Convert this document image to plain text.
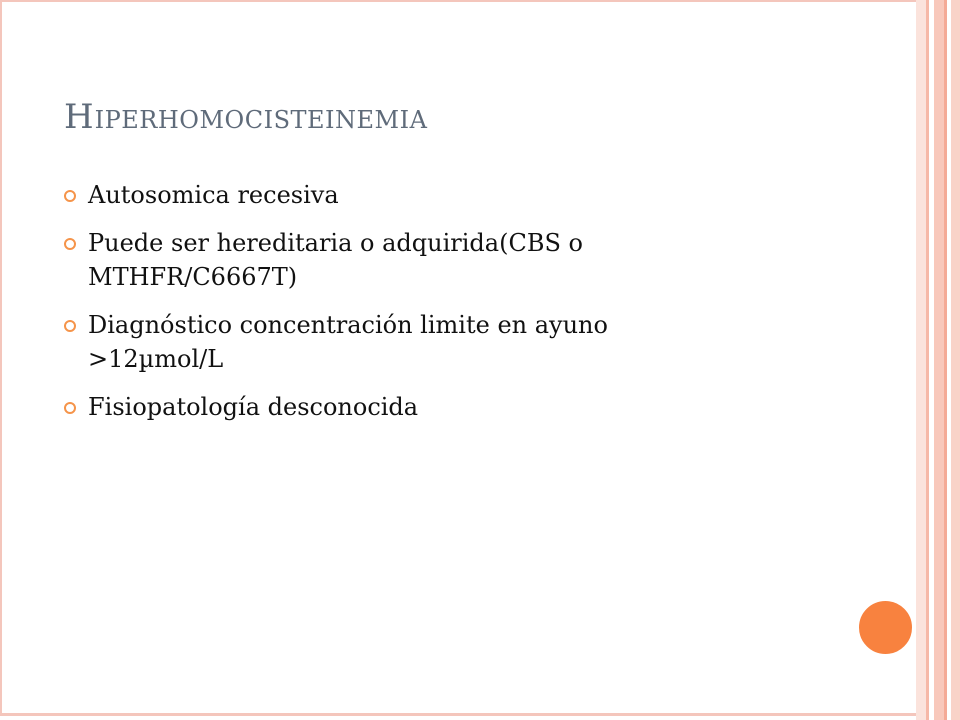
HIPERHOMOCISTEINEMIA
Autosomica recesiva
Puede ser hereditaria o adquirida(CBS o
MTHFR/C6667T)
Diagnóstico concentración limite en ayuno
>12µmol/L
Fisiopatología desconocida
